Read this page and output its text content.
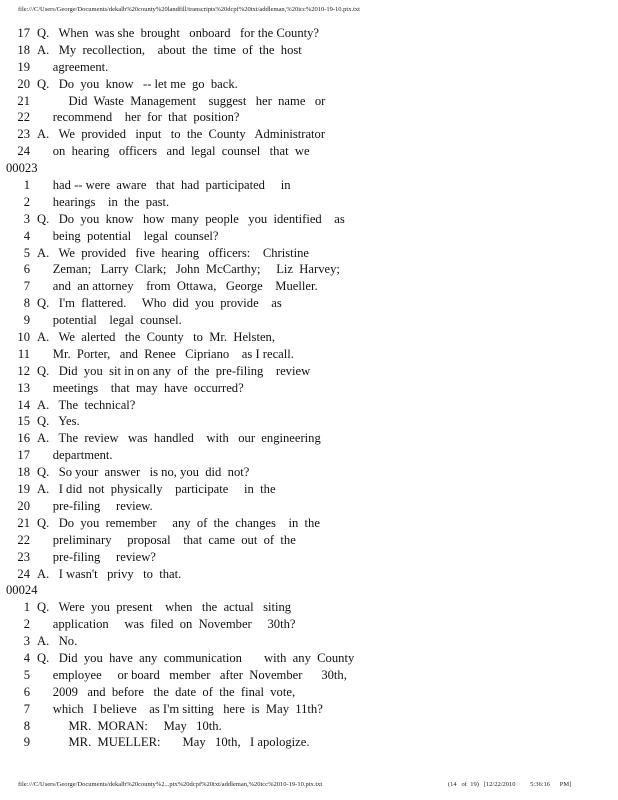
file:///C/Users/George/Documents/dekalb%20county%20landfill/transcripts%20dcpf%20txt/addleman,%20icc%2010-19-10.ptx.txt
17 Q.   When  was she  brought   onboard   for the County?
18 A.   My  recollection,    about  the  time  of  the  host
19 agreement.
20 Q.   Do  you  know   -- let me  go  back.
21 Did  Waste  Management    suggest   her  name   or
22 recommend    her  for  that  position?
23 A.   We  provided   input   to  the  County   Administrator
24 on  hearing   officers   and  legal  counsel   that  we
00023
1 had -- were  aware   that  had  participated     in
2 hearings    in  the  past.
3 Q.   Do  you  know   how  many  people   you  identified    as
4 being  potential    legal  counsel?
5 A.   We  provided   five  hearing   officers:    Christine
6 Zeman;   Larry  Clark;   John  McCarthy;     Liz  Harvey;
7 and  an attorney    from  Ottawa,   George    Mueller.
8 Q.   I'm  flattered.     Who  did  you  provide    as
9 potential    legal  counsel.
10 A.   We  alerted   the  County   to  Mr.  Helsten,
11 Mr.  Porter,   and  Renee   Cipriano    as I recall.
12 Q.   Did  you  sit in on any  of  the  pre-filing    review
13 meetings    that  may  have  occurred?
14 A.   The  technical?
15 Q.   Yes.
16 A.   The  review   was  handled    with   our  engineering
17 department.
18 Q.   So your  answer   is no, you  did  not?
19 A.   I did  not  physically    participate     in  the
20 pre-filing     review.
21 Q.   Do  you  remember     any  of  the  changes    in  the
22 preliminary     proposal    that  came  out  of  the
23 pre-filing     review?
24 A.   I wasn't   privy   to  that.
00024
1 Q.   Were  you  present    when   the  actual   siting
2 application     was  filed  on  November     30th?
3 A.   No.
4 Q.   Did  you  have  any  communication       with  any  County
5 employee     or board   member   after  November      30th,
6 2009   and  before   the  date  of  the  final  vote,
7 which   I believe    as I'm sitting   here  is  May  11th?
8 MR.  MORAN:     May   10th.
9 MR.  MUELLER:       May   10th,   I apologize.
file:///C/Users/George/Documents/dekalb%20county%2...ptx%20dcpf%20txt/addleman,%20icc%2010-19-10.ptx.txt	(14   of  19)   [12/22/2010         5:36:16      PM]
